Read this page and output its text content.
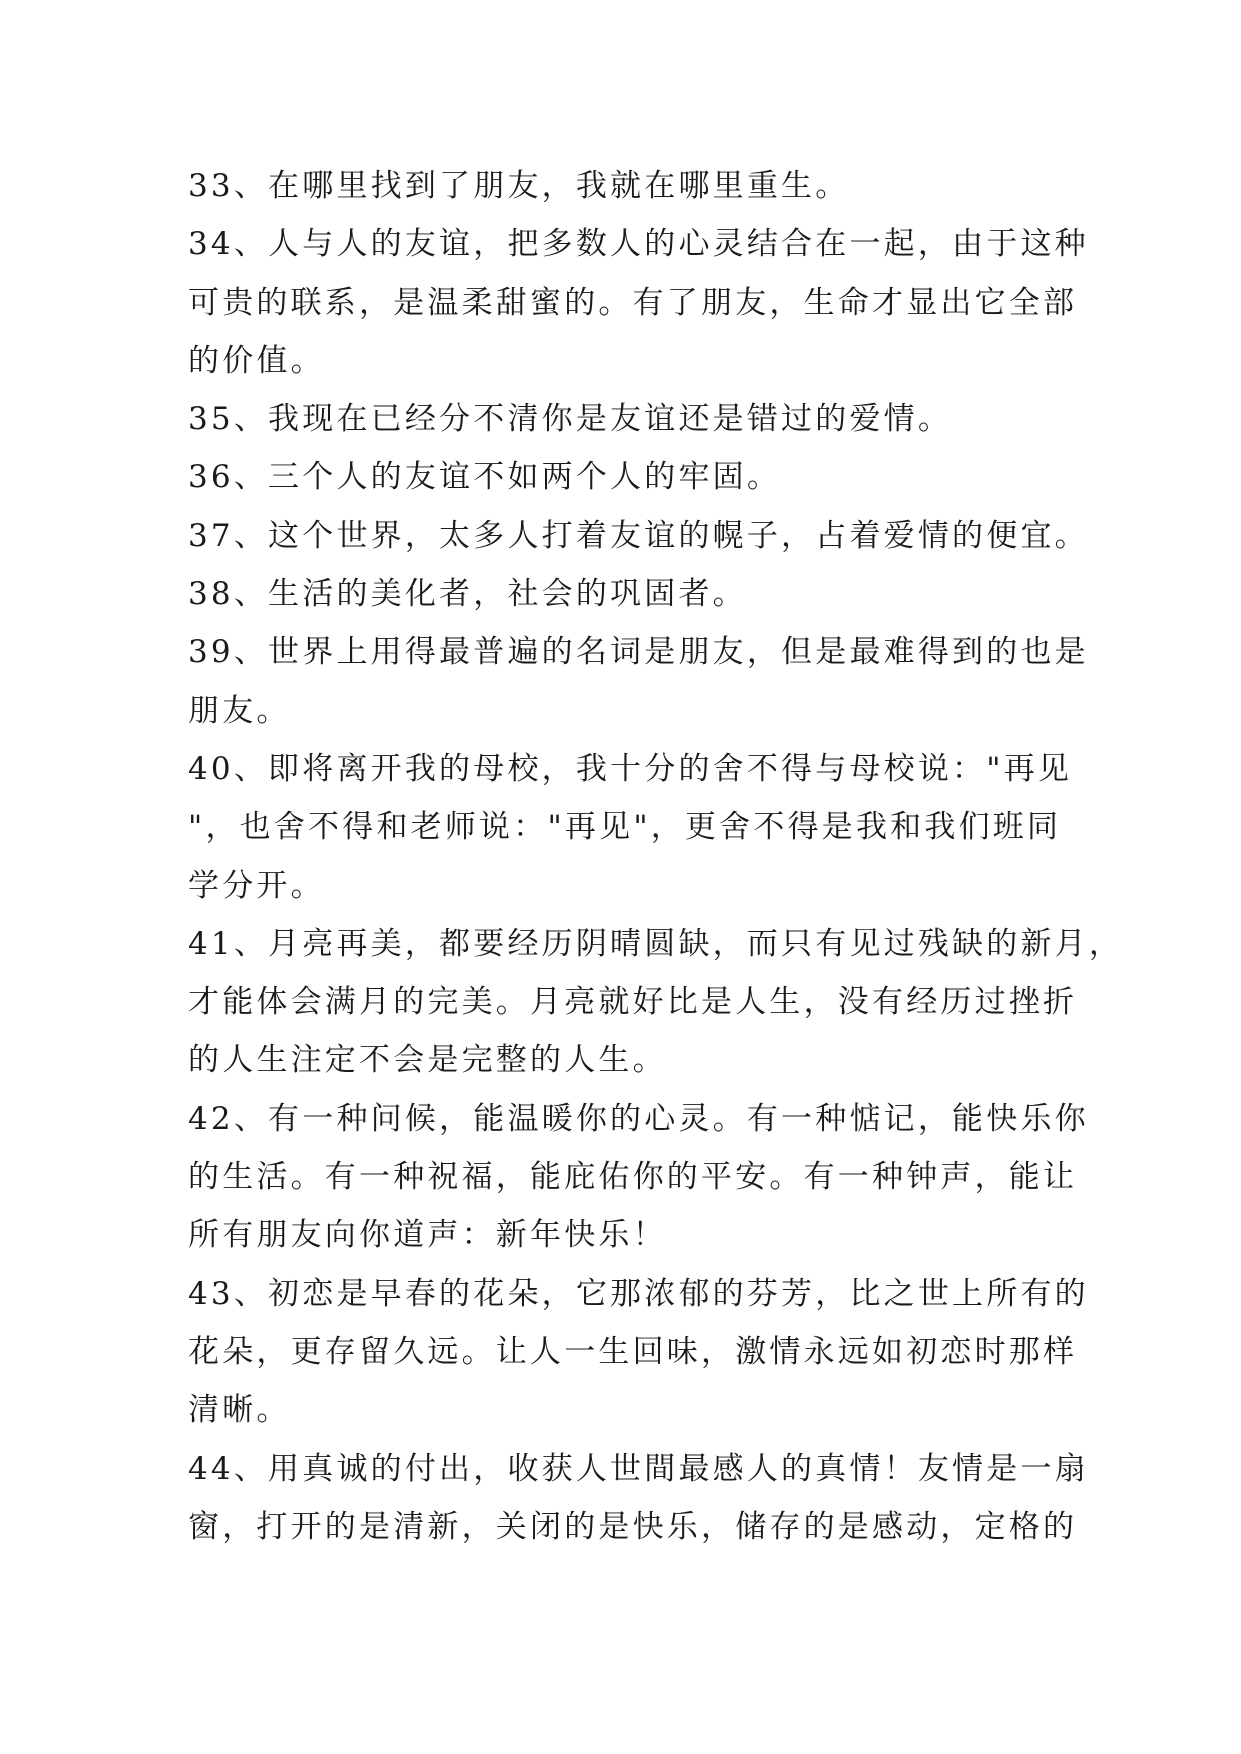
33、在哪里找到了朋友，我就在哪里重生。
34、人与人的友谊，把多数人的心灵结合在一起，由于这种
可贵的联系，是温柔甜蜜的。有了朋友，生命才显出它全部
的价值。
35、我现在已经分不清你是友谊还是错过的爱情。
36、三个人的友谊不如两个人的牢固。
37、这个世界，太多人打着友谊的幌子，占着爱情的便宜。
38、生活的美化者，社会的巩固者。
39、世界上用得最普遍的名词是朋友，但是最难得到的也是
朋友。
40、即将离开我的母校，我十分的舍不得与母校说："再见
"，也舍不得和老师说："再见"，更舍不得是我和我们班同
学分开。
41、月亮再美，都要经历阴晴圆缺，而只有见过残缺的新月，
才能体会满月的完美。月亮就好比是人生，没有经历过挫折
的人生注定不会是完整的人生。
42、有一种问候，能温暖你的心灵。有一种惦记，能快乐你
的生活。有一种祝福，能庇佑你的平安。有一种钟声，能让
所有朋友向你道声：新年快乐！
43、初恋是早春的花朵，它那浓郁的芬芳，比之世上所有的
花朵，更存留久远。让人一生回味，激情永远如初恋时那样
清晰。
44、用真诚的付出，收获人世間最感人的真情！友情是一扇
窗，打开的是清新，关闭的是快乐，储存的是感动，定格的
